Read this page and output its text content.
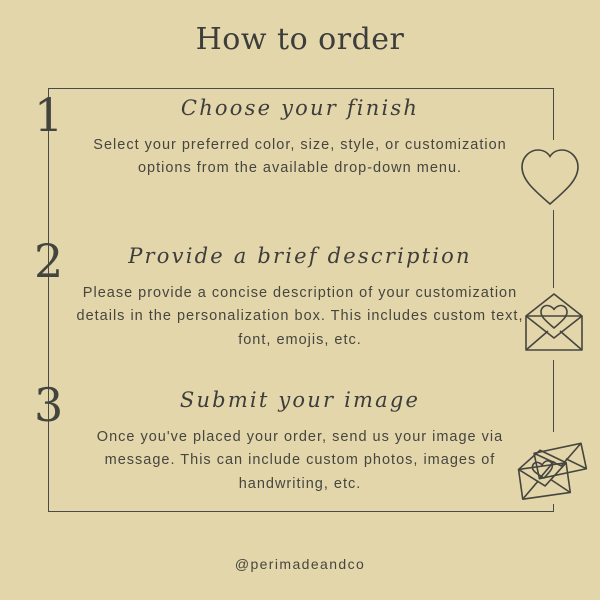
How to order
1	Choose your finish
Select your preferred color, size, style, or customization options from the available drop-down menu.
2	Provide a brief description
Please provide a concise description of your customization details in the personalization box. This includes custom text, font, emojis, etc.
3	Submit your image
Once you've placed your order, send us your image via message. This can include custom photos, images of handwriting, etc.
@perimadeandco
